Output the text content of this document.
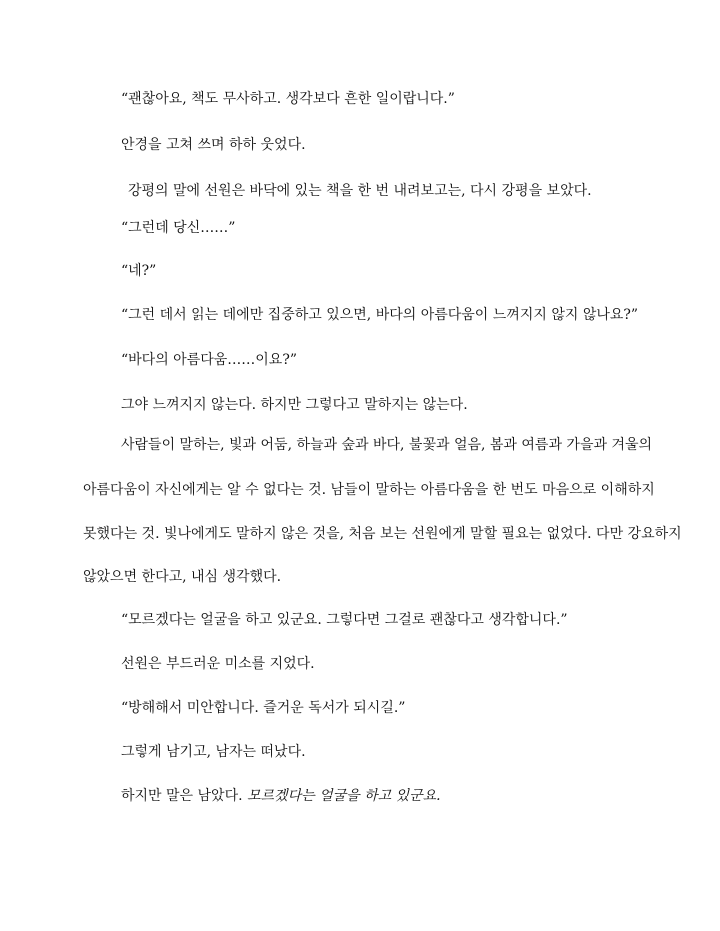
“괜찮아요, 책도 무사하고. 생각보다 흔한 일이랍니다.”

안경을 고쳐 쓰며 하하 웃었다.

강평의 말에 선원은 바닥에 있는 책을 한 번 내려보고는, 다시 강평을 보았다.

“그런데 당신……”

“네?”

“그런 데서 읽는 데에만 집중하고 있으면, 바다의 아름다움이 느껴지지 않지 않나요?”

“바다의 아름다움……이요?”

그야 느껴지지 않는다. 하지만 그렇다고 말하지는 않는다.

사람들이 말하는, 빛과 어둠, 하늘과 숲과 바다, 불꽃과 얼음, 봄과 여름과 가을과 겨울의
아름다움이 자신에게는 알 수 없다는 것. 남들이 말하는 아름다움을 한 번도 마음으로 이해하지
못했다는 것. 빛나에게도 말하지 않은 것을, 처음 보는 선원에게 말할 필요는 없었다. 다만 강요하지

않았으면 한다고, 내심 생각했다.

“모르겠다는 얼굴을 하고 있군요. 그렇다면 그걸로 괜찮다고 생각합니다.”

선원은 부드러운 미소를 지었다.

“방해해서 미안합니다. 즐거운 독서가 되시길.”

그렇게 남기고, 남자는 떠났다.

하지만 말은 남았다. 모르겠다는 얼굴을 하고 있군요.
